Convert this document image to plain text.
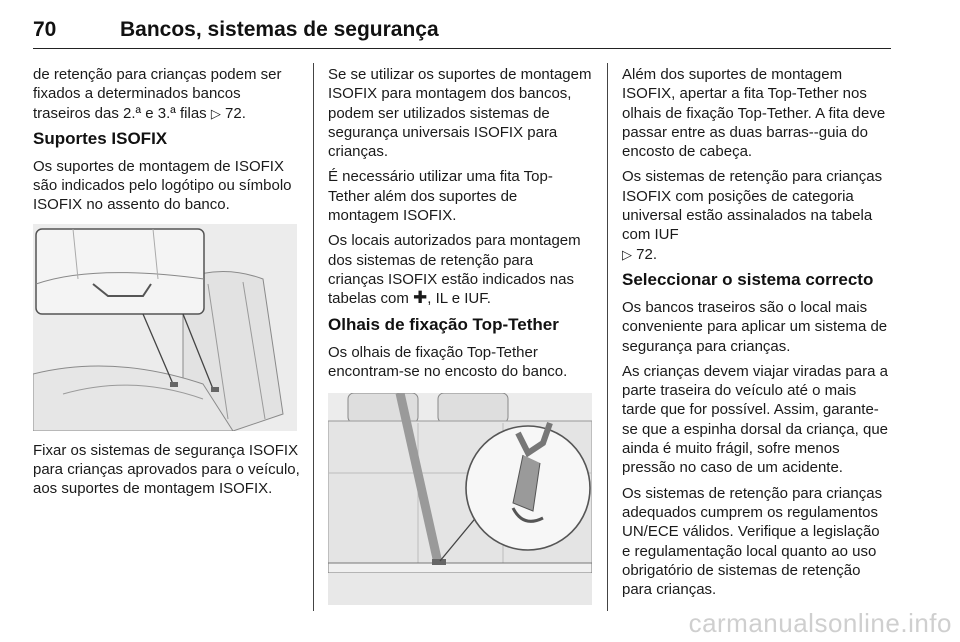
70	Bancos, sistemas de segurança

de retenção para crianças podem ser fixados a determinados bancos traseiros das 2.ª e 3.ª filas ▷ 72.

Suportes ISOFIX

Os suportes de montagem de ISOFIX são indicados pelo logótipo ou símbolo ISOFIX no assento do banco.

Fixar os sistemas de segurança ISOFIX para crianças aprovados para o veículo, aos suportes de montagem ISOFIX.

Se se utilizar os suportes de montagem ISOFIX para montagem dos bancos, podem ser utilizados sistemas de segurança universais ISOFIX para crianças.

É necessário utilizar uma fita Top-Tether além dos suportes de montagem ISOFIX.

Os locais autorizados para montagem dos sistemas de retenção para crianças ISOFIX estão indicados nas tabelas com ✚, IL e IUF.

Olhais de fixação Top-Tether

Os olhais de fixação Top-Tether encontram-se no encosto do banco.

Além dos suportes de montagem ISOFIX, apertar a fita Top-Tether nos olhais de fixação Top-Tether. A fita deve passar entre as duas barras--guia do encosto de cabeça.

Os sistemas de retenção para crianças ISOFIX com posições de categoria universal estão assinalados na tabela com IUF
▷ 72.

Seleccionar o sistema correcto

Os bancos traseiros são o local mais conveniente para aplicar um sistema de segurança para crianças.

As crianças devem viajar viradas para a parte traseira do veículo até o mais tarde que for possível. Assim, garante-se que a espinha dorsal da criança, que ainda é muito frágil, sofre menos pressão no caso de um acidente.

Os sistemas de retenção para crianças adequados cumprem os regulamentos UN/ECE válidos. Verifique a legislação e regulamentação local quanto ao uso obrigatório de sistemas de retenção para crianças.

carmanualsonline.info
